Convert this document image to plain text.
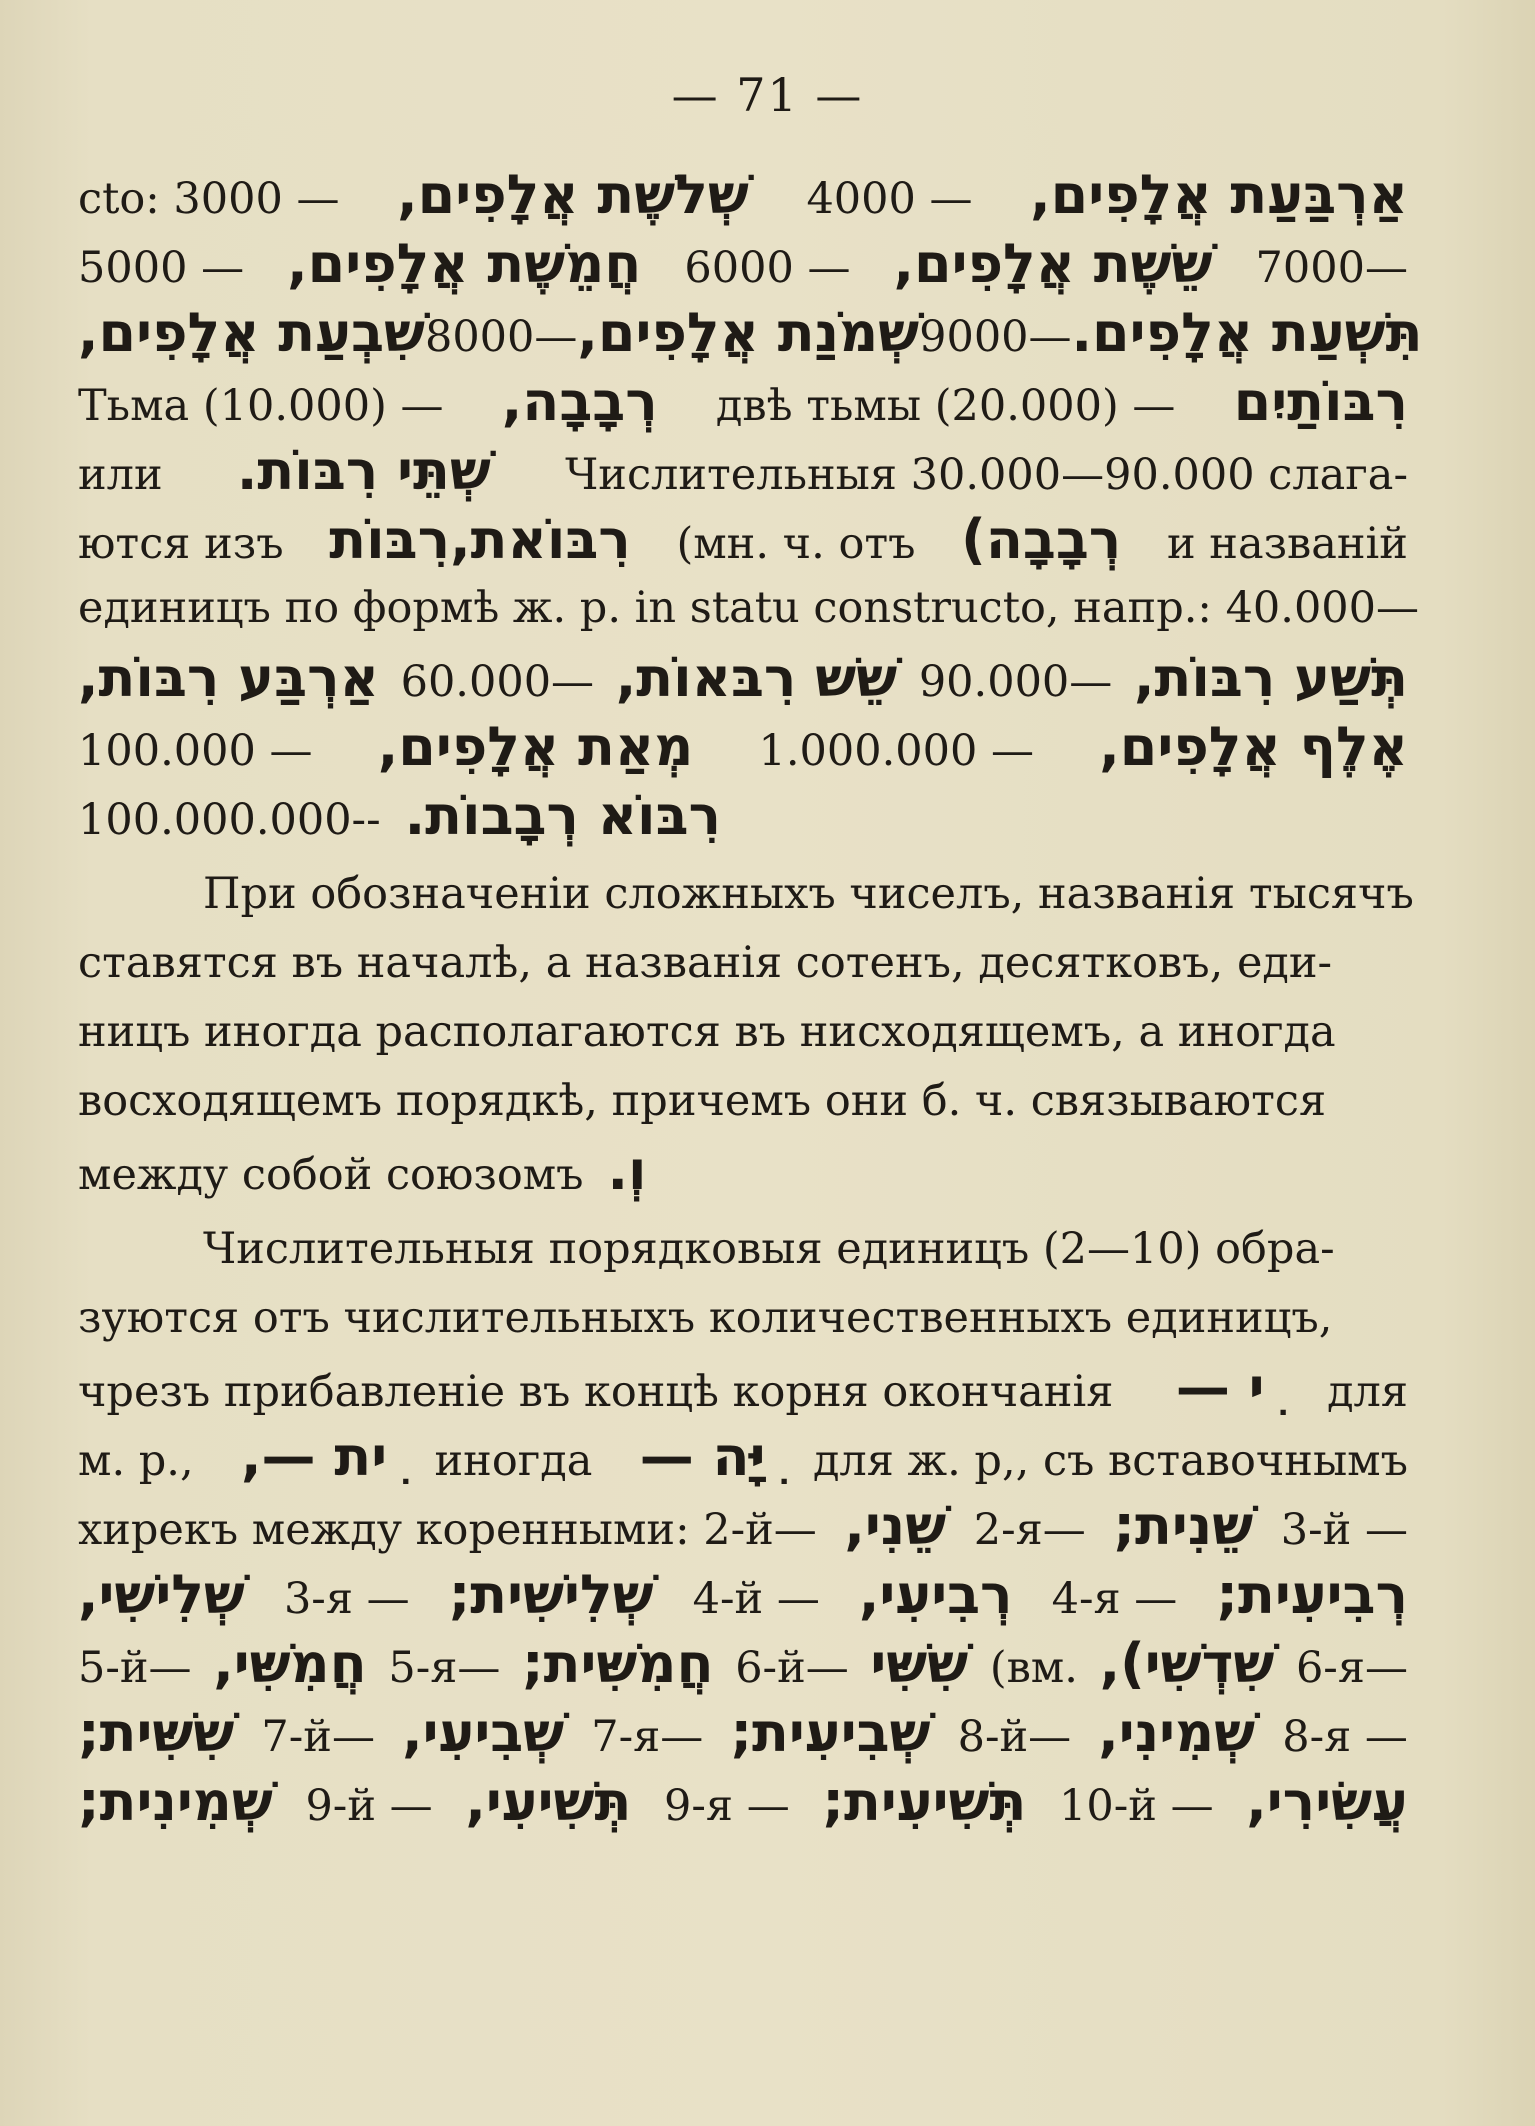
— 71 —
cto: 3000 — שְׁלשֶׁת אֲלָפִים, 4000 — אַרְבַּעַת אֲלָפִים,
5000 — חֲמֵשֶׁת אֲלָפִים, 6000 — שֵׁשֶׁת אֲלָפִים, 7000—
שִׁבְעַת אֲלָפִים, 8000— שְׁמֹנַת אֲלָפִים, 9000— תִּשְׁעַת אֲלָפִים.
Тьма (10.000) — רְבָבָה, двѣ тьмы (20.000) — רִבּוֹתַיִם
или שְׁתֵּי רִבּוֹת. Числительныя 30.000—90.000 слага-
ются изъ רִבּוֹאת,רִבּוֹת (мн. ч. отъ רְבָבָה) и названій
единицъ по формѣ ж. р. in statu constructo, напр.: 40.000—
אַרְבַּע רִבּוֹת, 60.000— שֵׁשׁ רִבּאוֹת, 90.000— תְּשַׁע רִבּוֹת,
100.000 — מְאַת אֲלָפִים, 1.000.000 — אֶלֶף אֲלָפִים,
100.000.000-- רִבּוֹא רְבָבוֹת.
При обозначеніи сложныхъ чиселъ, названія тысячъ
ставятся въ началѣ, а названія сотенъ, десятковъ, еди-
ницъ иногда располагаются въ нисходящемъ, а иногда
восходящемъ порядкѣ, причемъ они б. ч. связываются
между собой союзомъ וְ.
Числительныя порядковыя единицъ (2—10) обра-
зуются отъ числительныхъ количественныхъ единицъ,
чрезъ прибавленіе въ концѣ корня окончанія ִי — для
м. р., ִית —, иногда ִיָּה — для ж. р,, съ вставочнымъ
хирекъ между коренными: 2-й— שֵׁנִי, 2-я— שֵׁנִית; 3-й —
שְׁלִישִׁי, 3-я — שְׁלִישִׁית; 4-й — רְבִיעִי, 4-я — רְבִיעִית;
5-й— חֲמִשִּׁי, 5-я— חֲמִשִּׁית; 6-й— שִׁשִּׁי (вм. שִׁדְשִׁי), 6-я—
שִׁשִּׁית; 7-й— שְׁבִיעִי, 7-я— שְׁבִיעִית; 8-й— שְׁמִינִי, 8-я —
שְׁמִינִית; 9-й — תְּשִׁיעִי, 9-я — תְּשִׁיעִית; 10-й — עֲשִׂירִי,
